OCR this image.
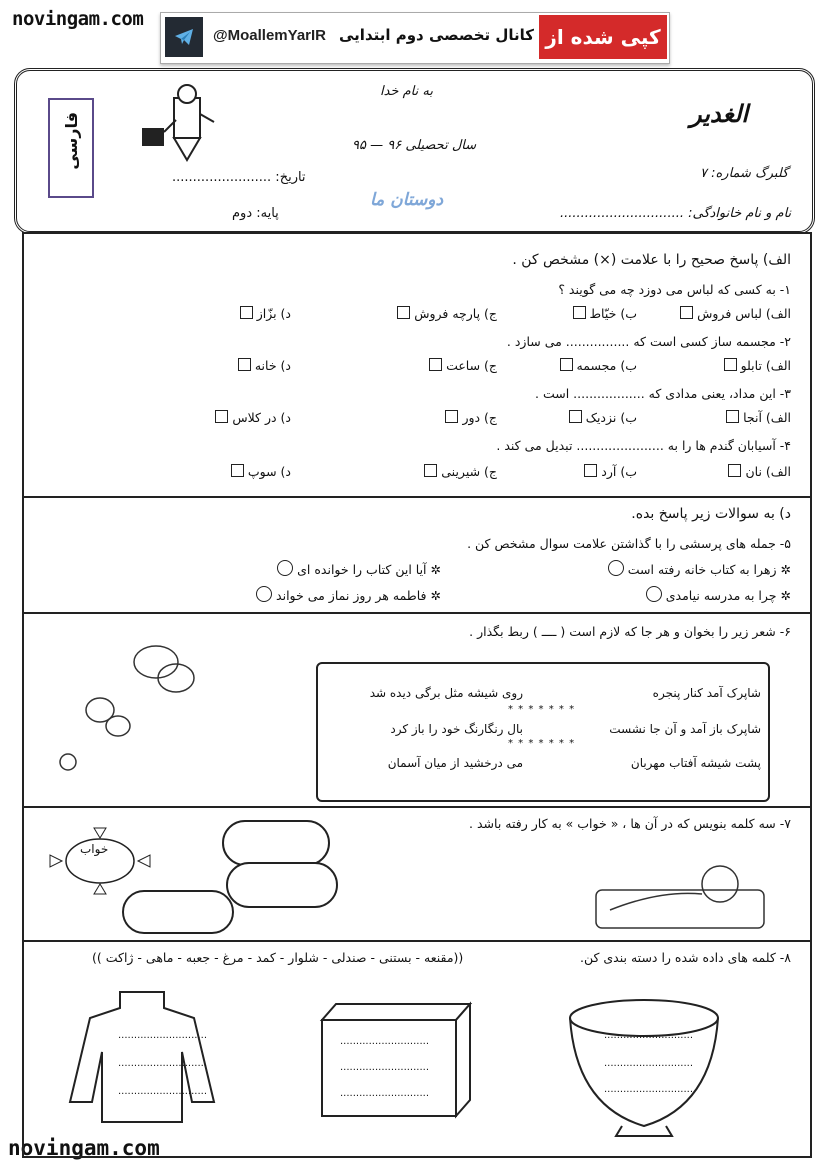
novingam.com
novingam.com
@MoallemYarIR کانال تخصصی دوم ابتدایی کپی شده از
فارسی
به نام خدا
سال تحصیلی ۹۶ — ۹۵
تاریخ: ........................
پایه: دوم
دوستان ما
گلبرگ شماره: ۷
نام و نام خانوادگی: ..............................
الغدیر
الف) پاسخ صحیح را با علامت (×) مشخص کن .
۱- به کسی که لباس می دوزد چه می گویند ؟
الف) لباس فروش
ب) خیّاط
ج) پارچه فروش
د) بزّاز
۲- مجسمه ساز کسی است که ................ می سازد .
الف) تابلو
ب) مجسمه
ج) ساعت
د) خانه
۳- این مداد، یعنی مدادی که .................. است .
الف) آنجا
ب) نزدیک
ج) دور
د) در کلاس
۴- آسیابان گندم ها را به ...................... تبدیل می کند .
الف) نان
ب) آرد
ج) شیرینی
د) سوپ
د) به سوالات زیر پاسخ بده.
۵- جمله های پرسشی را با گذاشتن علامت سوال مشخص کن .
✲ زهرا به کتاب خانه رفته است
✲ آیا این کتاب را خوانده ای
✲ چرا به مدرسه نیامدی
✲ فاطمه هر روز نماز می خواند
۶- شعر زیر را بخوان و هر جا که لازم است ( ــــ ) ربط بگذار .
شاپرک آمد کنار پنجره
روی شیشه مثل برگی دیده شد
* * * * * * *
شاپرک باز آمد و آن جا نشست
بال رنگارنگ خود را باز کرد
* * * * * * *
پشت شیشه آفتاب مهربان
می درخشید از میان آسمان
۷- سه کلمه بنویس که در آن ها ، « خواب » به کار رفته باشد .
خواب
۸- کلمه های داده شده را دسته بندی کن.
((مقنعه - بستنی - صندلی - شلوار - کمد - مرغ - جعبه - ماهی - ژاکت ))
............................
............................
............................
............................
............................
............................
............................
............................
............................
